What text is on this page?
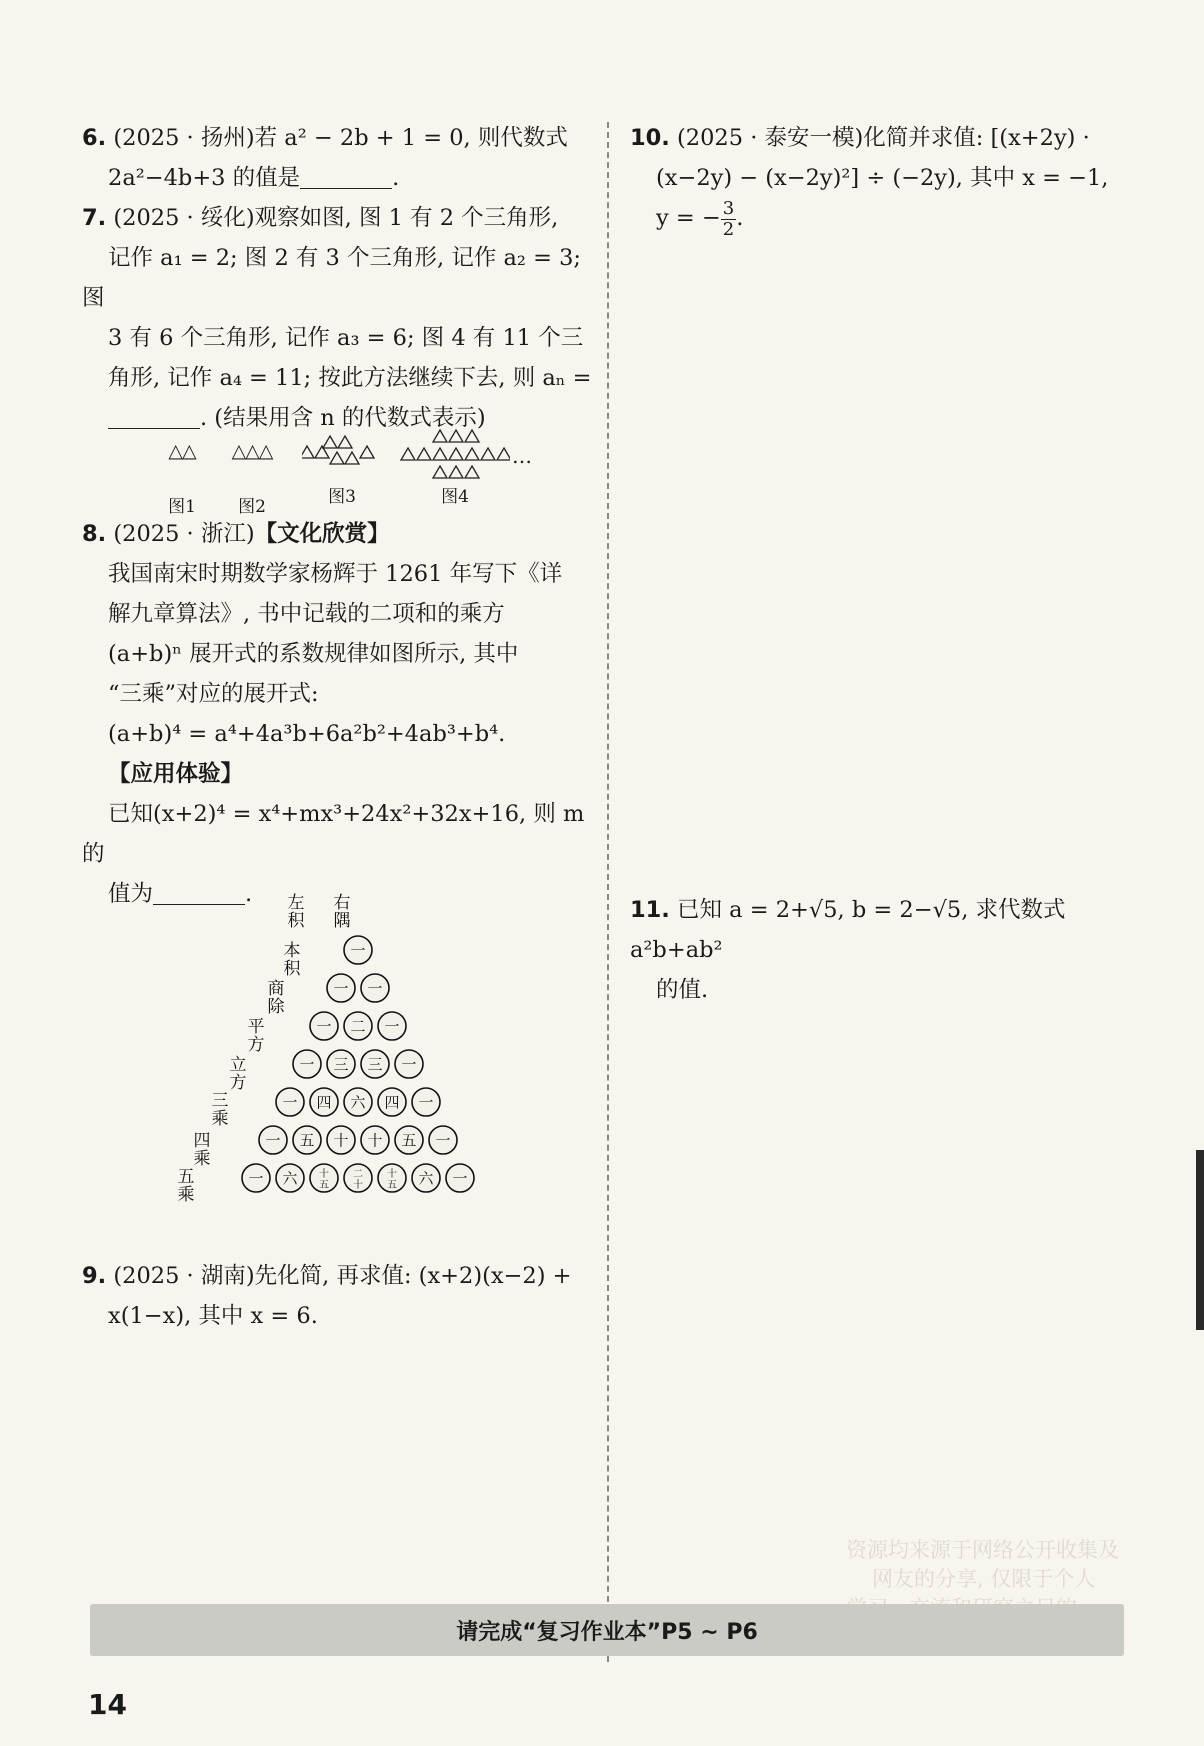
6. (2025 · 扬州)若 a² − 2b + 1 = 0, 则代数式
2a²−4b+3 的值是	.

7. (2025 · 绥化)观察如图, 图 1 有 2 个三角形,
记作 a₁ = 2; 图 2 有 3 个三角形, 记作 a₂ = 3; 图
3 有 6 个三角形, 记作 a₃ = 6; 图 4 有 11 个三
角形, 记作 a₄ = 11; 按此方法继续下去, 则 aₙ =
. (结果用含 n 的代数式表示)

△△
图1
△△△
图2	图3	图4
…

8. (2025 · 浙江)【文化欣赏】
我国南宋时期数学家杨辉于 1261 年写下《详
解九章算法》, 书中记载的二项和的乘方
(a+b)ⁿ 展开式的系数规律如图所示, 其中
“三乘”对应的展开式:
(a+b)⁴ = a⁴+4a³b+6a²b²+4ab³+b⁴.
【应用体验】
已知(x+2)⁴ = x⁴+mx³+24x²+32x+16, 则 m 的
值为	.

一
一 一
一 二 一
一 三 三 一
一 四 六 四 一
一 五 十 十 五 一
一 六 十
五
二
十
十
五 六 一
左
积
右
隅
本
积
商
除
平
方
立
方
三
乘
四
乘
五
乘

9. (2025 · 湖南)先化简, 再求值: (x+2)(x−2) +
x(1−x), 其中 x = 6.

10. (2025 · 泰安一模)化简并求值: [(x+2y) ·
(x−2y) − (x−2y)²] ÷ (−2y), 其中 x = −1,
y = − $\frac{3}{2}$ .

11. 已知 a = 2+√5, b = 2−√5, 求代数式 a²b+ab²
的值.

资源均来源于网络公开收集及
网友的分享, 仅限于个人
请完成“复习作业本”P5 ~ P6
14
